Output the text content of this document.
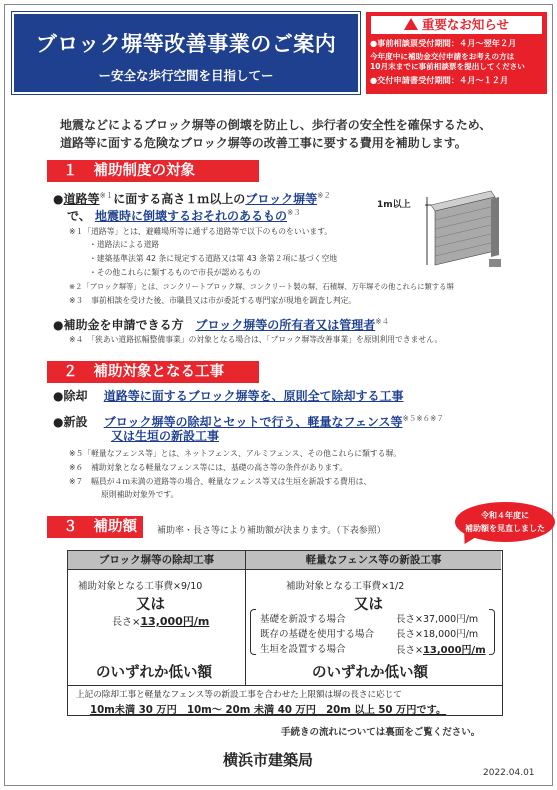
ブロック塀等改善事業のご案内
ー安全な歩行空間を目指してー
重要なお知らせ
●事前相談票受付期間：４月〜翌年２月
今年度中に補助金交付申請をお考えの方は
10月末までに事前相談票を提出してください
●交付申請書受付期間：４月〜１２月
地震などによるブロック塀等の倒壊を防止し、歩行者の安全性を確保するため、
道路等に面する危険なブロック塀等の改善工事に要する費用を補助します。
１ 補助制度の対象
●道路等$^{※1}$に面する高さ１ｍ以上のブロック塀等$^{※2}$
で、 地震時に倒壊するおそれのあるもの$^{※3}$
1m以上
※１「道路等」とは、避難場所等に通ずる道路等で以下のものをいいます。
・道路法による道路
・建築基準法第 42 条に規定する道路又は第 43 条第２項に基づく空地
・その他これらに類するもので市長が認めるもの
※２「ブロック塀等」とは、コンクリートブロック塀、コンクリート製の塀、石積塀、万年塀その他これらに類する塀
※３　事前相談を受けた後、市職員又は市が委託する専門家が現地を調査し判定。
●補助金を申請できる方　 ブロック塀等の所有者又は管理者$^{※4}$
※４　「狭あい道路拡幅整備事業」の対象となる場合は、「ブロック塀等改善事業」を原則利用できません。
２ 補助対象となる工事
●除却　 道路等に面するブロック塀等を、原則全て除却する工事
●新設　 ブロック塀等の除却とセットで行う、軽量なフェンス等$^{※5※6※7}$
又は生垣の新設工事
※５「軽量なフェンス等」とは、ネットフェンス、アルミフェンス、その他これらに類する塀。
※６　補助対象となる軽量なフェンス等には、基礎の高さ等の条件があります。
※７　幅員が４ｍ未満の道路等の場合、軽量なフェンス等又は生垣を新設する費用は、
原則補助対象外です。
３ 補助額	補助率・長さ等により補助額が決まります。（下表参照）
令和４年度に
補助額を見直しました
ブロック塀等の除却工事
補助対象となる工事費×9/10
又は
長さ×13,000円/m
のいずれか低い額
軽量なフェンス等の新設工事
補助対象となる工事費×1/2
又は
基礎を新設する場合	長さ×37,000円/m
既存の基礎を使用する場合 長さ×18,000円/m
生垣を設置する場合	長さ×13,000円/m
のいずれか低い額
上記の除却工事と軽量なフェンス等の新設工事を合わせた上限額は塀の長さに応じて
10m未満 30 万円　10m〜 20m 未満 40 万円　20m 以上 50 万円です。
手続きの流れについては裏面をご覧ください。
横浜市建築局
2022.04.01
